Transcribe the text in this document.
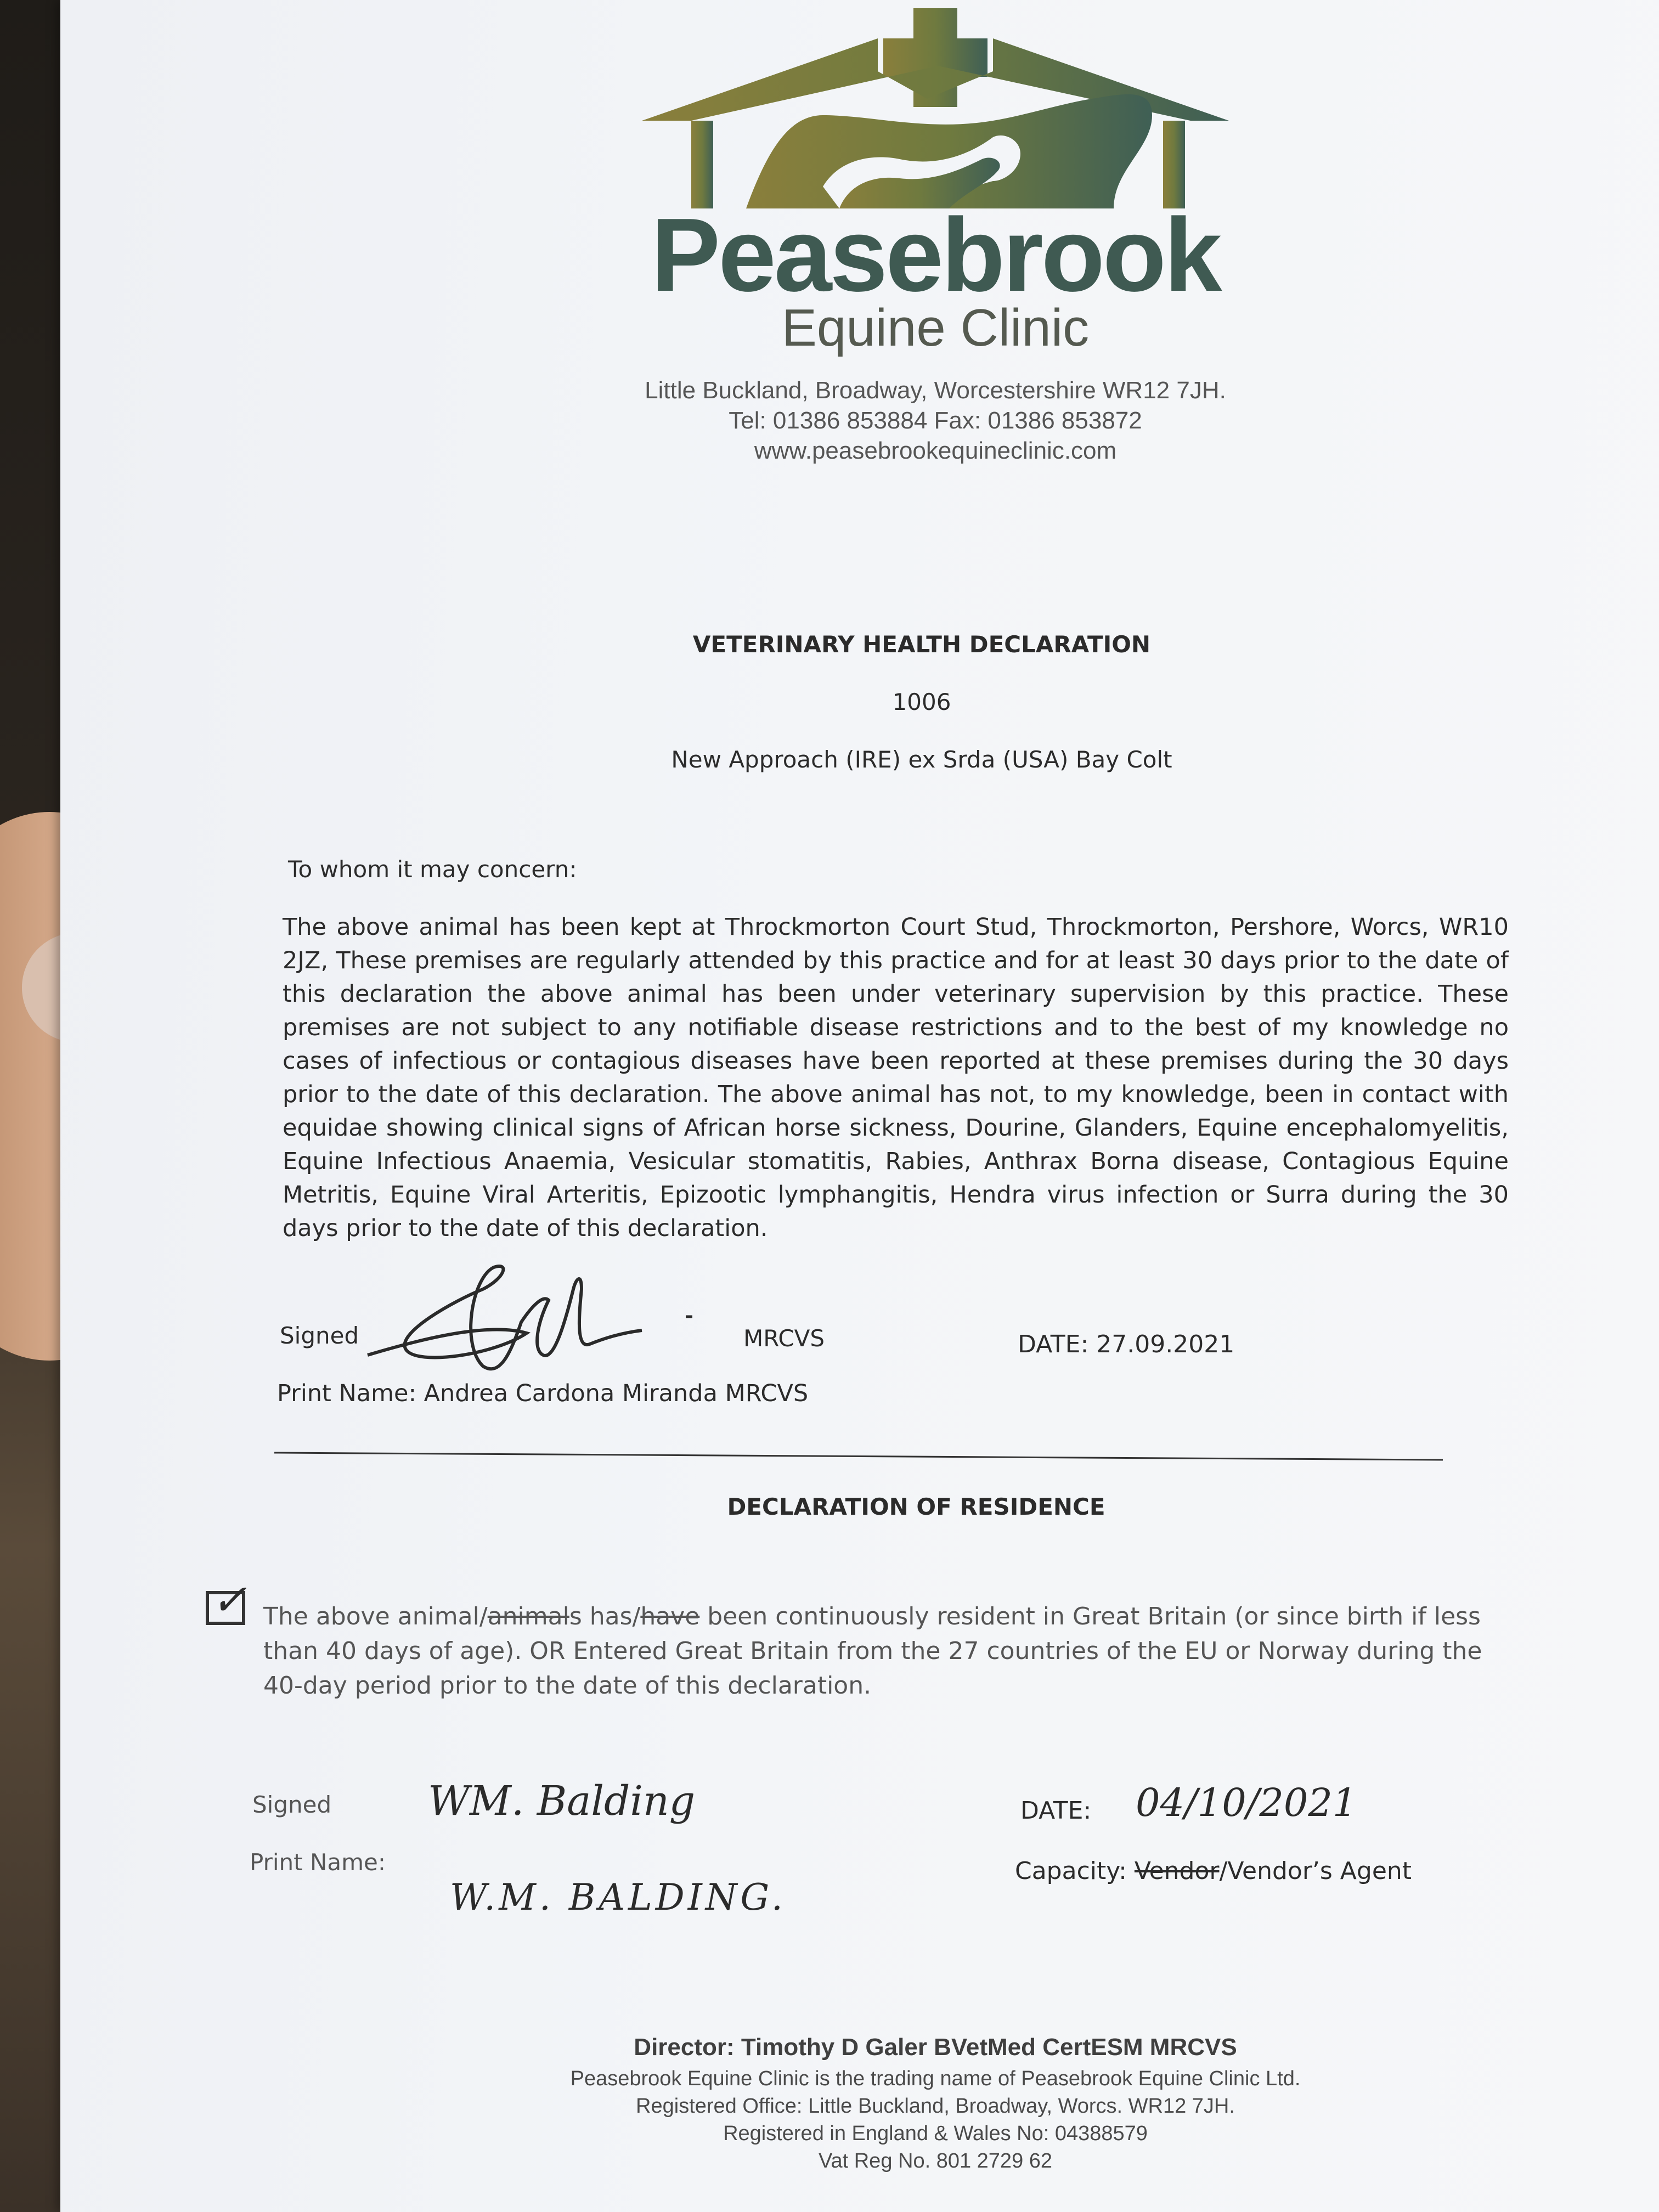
Peasebrook
Equine Clinic
Little Buckland, Broadway, Worcestershire WR12 7JH.
Tel: 01386 853884 Fax: 01386 853872
www.peasebrookequineclinic.com
VETERINARY HEALTH DECLARATION
1006
New Approach (IRE) ex Srda (USA) Bay Colt
To whom it may concern:
The above animal has been kept at Throckmorton Court Stud, Throckmorton, Pershore, Worcs, WR10 2JZ, These premises are regularly attended by this practice and for at least 30 days prior to the date of this declaration the above animal has been under veterinary supervision by this practice. These premises are not subject to any notifiable disease restrictions and to the best of my knowledge no cases of infectious or contagious diseases have been reported at these premises during the 30 days prior to the date of this declaration. The above animal has not, to my knowledge, been in contact with equidae showing clinical signs of African horse sickness, Dourine, Glanders, Equine encephalomyelitis, Equine Infectious Anaemia, Vesicular stomatitis, Rabies, Anthrax Borna disease, Contagious Equine Metritis, Equine Viral Arteritis, Epizootic lymphangitis, Hendra virus infection or Surra during the 30 days prior to the date of this declaration.
Signed	MRCVS	DATE: 27.09.2021
Print Name: Andrea Cardona Miranda MRCVS
DECLARATION OF RESIDENCE
✓ The above animal/animals has/have been continuously resident in Great Britain (or since birth if less than 40 days of age). OR Entered Great Britain from the 27 countries of the EU or Norway during the 40-day period prior to the date of this declaration.
Signed WM. Balding	DATE: 04/10/2021
Print Name:
W.M. BALDING.
Capacity: Vendor/Vendor’s Agent
Director: Timothy D Galer BVetMed CertESM MRCVS
Peasebrook Equine Clinic is the trading name of Peasebrook Equine Clinic Ltd.
Registered Office: Little Buckland, Broadway, Worcs. WR12 7JH.
Registered in England & Wales No: 04388579
Vat Reg No. 801 2729 62
